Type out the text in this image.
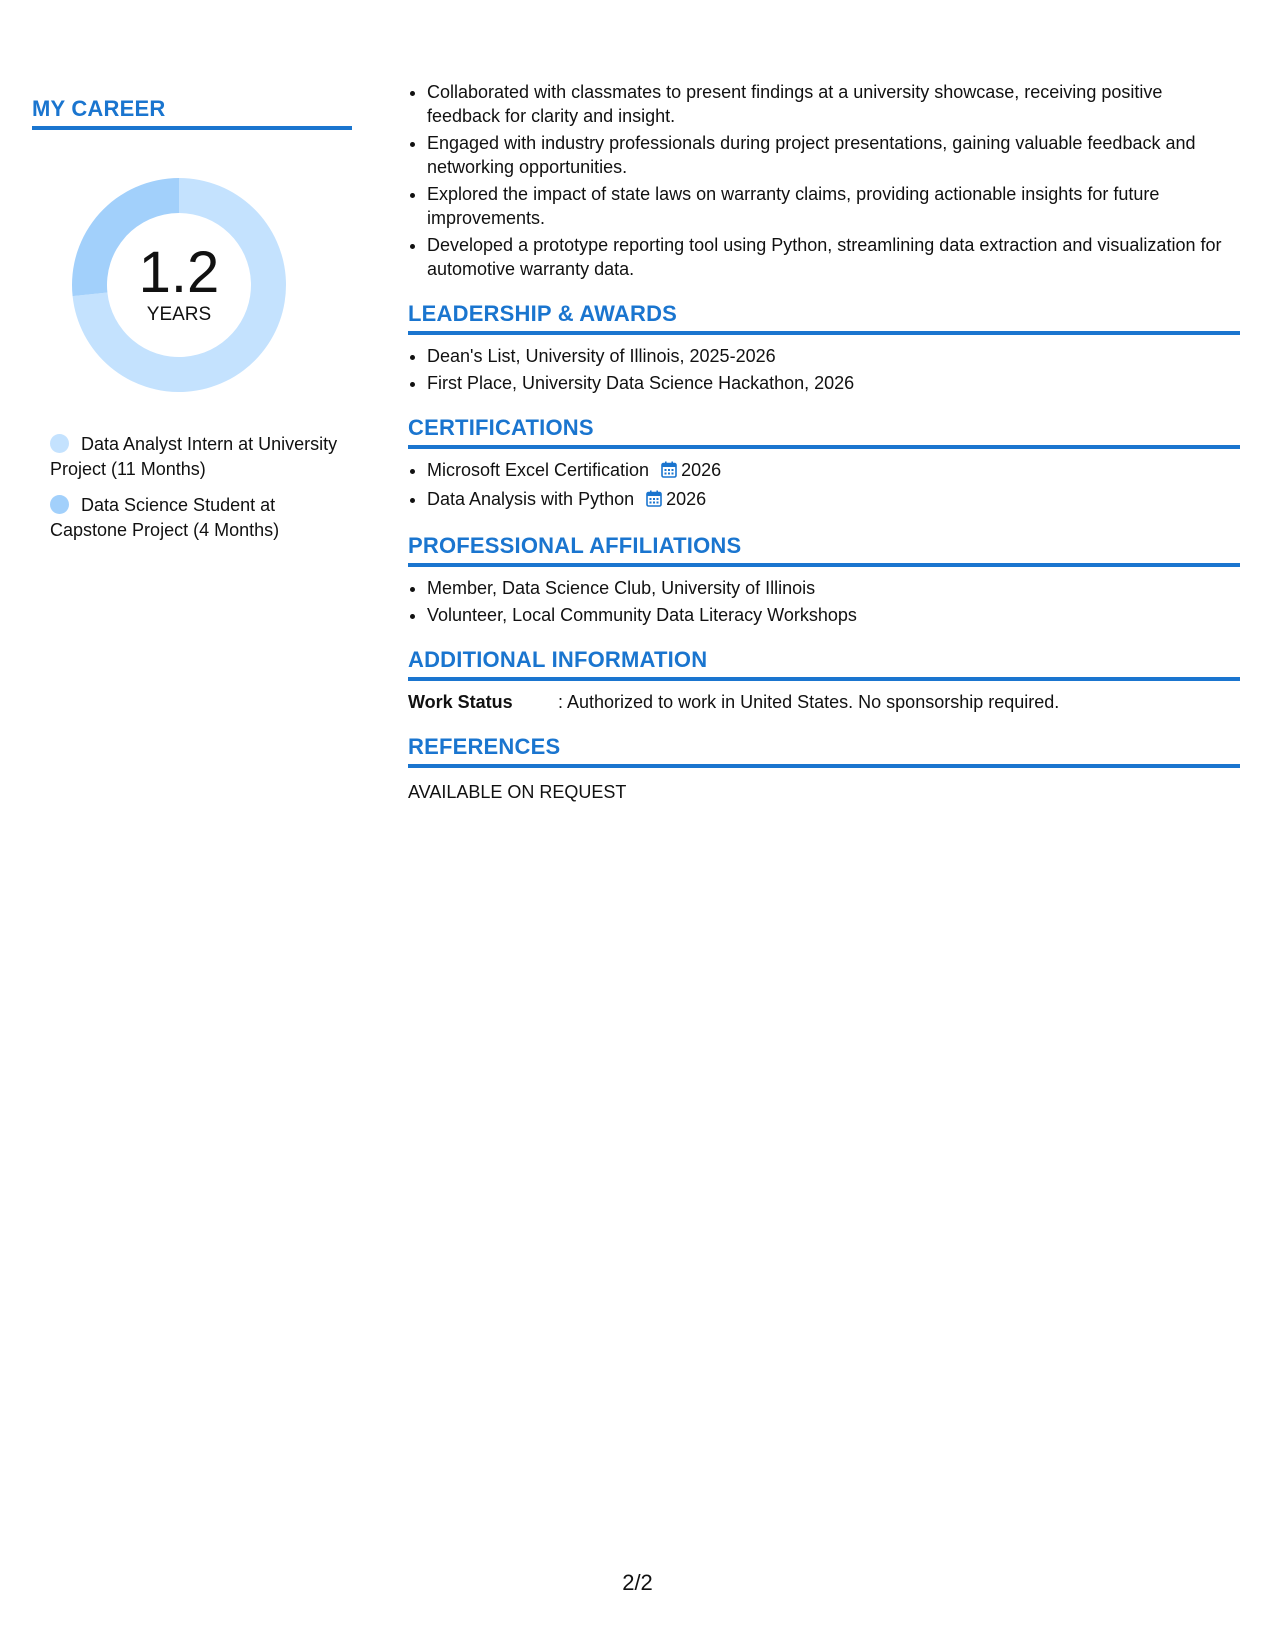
MY CAREER
1.2
YEARS
Data Analyst Intern at University Project (11 Months)
Data Science Student at Capstone Project (4 Months)
• Collaborated with classmates to present findings at a university showcase, receiving positive feedback for clarity and insight.
• Engaged with industry professionals during project presentations, gaining valuable feedback and networking opportunities.
• Explored the impact of state laws on warranty claims, providing actionable insights for future improvements.
• Developed a prototype reporting tool using Python, streamlining data extraction and visualization for automotive warranty data.
LEADERSHIP & AWARDS
• Dean's List, University of Illinois, 2025-2026
• First Place, University Data Science Hackathon, 2026
CERTIFICATIONS
• Microsoft Excel Certification 2026
• Data Analysis with Python 2026
PROFESSIONAL AFFILIATIONS
• Member, Data Science Club, University of Illinois
• Volunteer, Local Community Data Literacy Workshops
ADDITIONAL INFORMATION
Work Status	: Authorized to work in United States. No sponsorship required.
REFERENCES
AVAILABLE ON REQUEST
2/2
